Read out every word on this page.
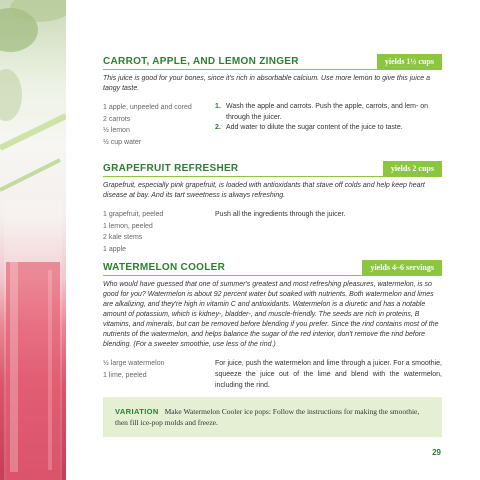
CARROT, APPLE, AND LEMON ZINGER	yields 1½ cups
This juice is good for your bones, since it's rich in absorbable calcium. Use more lemon to give this juice a tangy taste.
1 apple, unpeeled and cored
2 carrots
½ lemon
½ cup water
1. Wash the apple and carrots. Push the apple, carrots, and lem- on through the juicer.
2. Add water to dilute the sugar content of the juice to taste.
GRAPEFRUIT REFRESHER	yields 2 cups
Grapefruit, especially pink grapefruit, is loaded with antioxidants that stave off colds and help keep heart disease at bay. And its tart sweetness is always refreshing.
1 grapefruit, peeled
1 lemon, peeled
2 kale stems
1 apple
Push all the ingredients through the juicer.
WATERMELON COOLER	yields 4–6 servings
Who would have guessed that one of summer's greatest and most refreshing pleasures, watermelon, is so good for you? Watermelon is about 92 percent water but soaked with nutrients. Both watermelon and limes are alkalizing, and they're high in vitamin C and antioxidants. Watermelon is a diuretic and has a notable amount of potassium, which is kidney-, bladder-, and muscle-friendly. The seeds are rich in proteins, B vitamins, and minerals, but can be removed before blending if you prefer. Since the rind contains most of the nutrients of the watermelon, and helps balance the sugar of the red interior, don't remove the rind before blending. (For a sweeter smoothie, use less of the rind.)
½ large watermelon
1 lime, peeled
For juice, push the watermelon and lime through a juicer. For a smoothie, squeeze the juice out of the lime and blend with the watermelon, including the rind.
VARIATION Make Watermelon Cooler ice pops: Follow the instructions for making the smoothie, then fill ice-pop molds and freeze.
29
